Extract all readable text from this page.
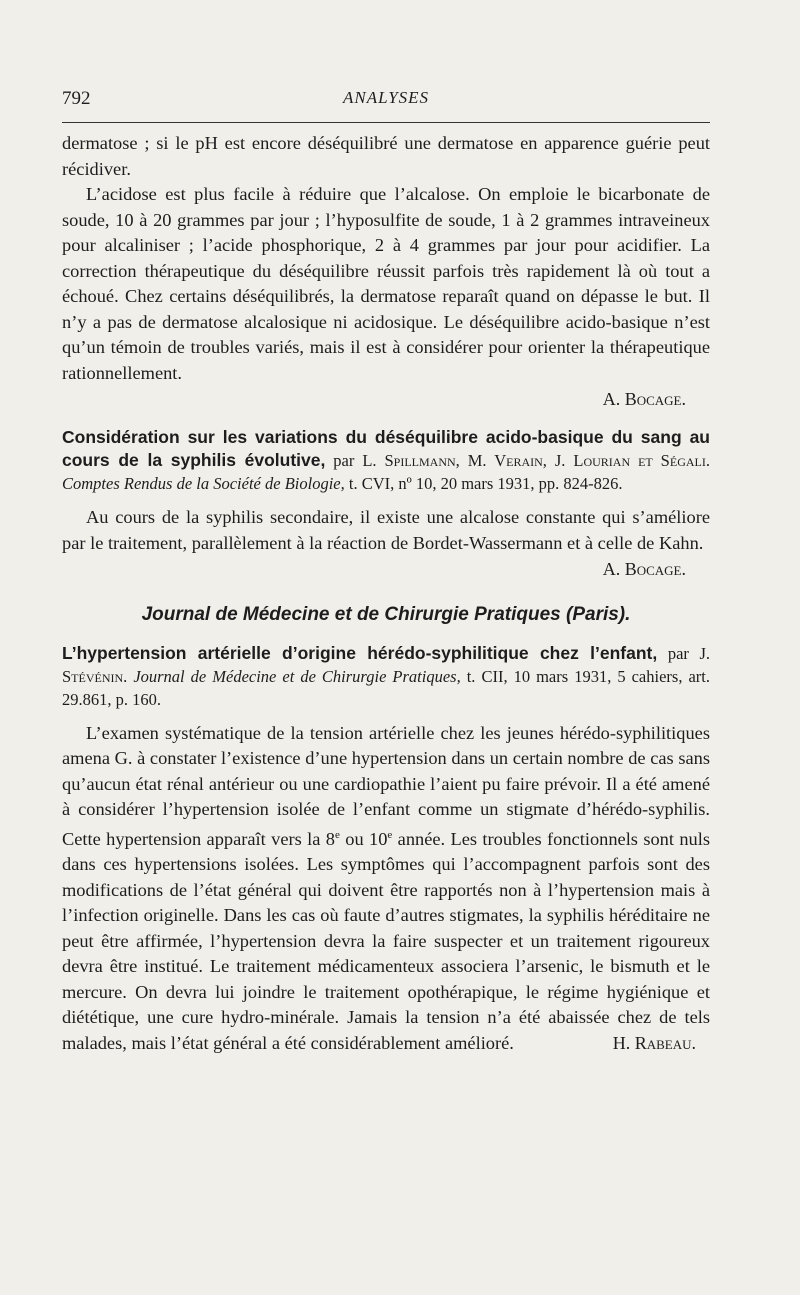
792	ANALYSES

dermatose ; si le pH est encore déséquilibré une dermatose en apparence guérie peut récidiver.

L’acidose est plus facile à réduire que l’alcalose. On emploie le bicarbonate de soude, 10 à 20 grammes par jour ; l’hyposulfite de soude, 1 à 2 grammes intraveineux pour alcaliniser ; l’acide phosphorique, 2 à 4 grammes par jour pour acidifier. La correction thérapeutique du déséquilibre réussit parfois très rapidement là où tout a échoué. Chez certains déséquilibrés, la dermatose reparaît quand on dépasse le but. Il n’y a pas de dermatose alcalosique ni acidosique. Le déséquilibre acido-basique n’est qu’un témoin de troubles variés, mais il est à considérer pour orienter la thérapeutique rationnellement.

A. Bocage.

Considération sur les variations du déséquilibre acido-basique du sang au cours de la syphilis évolutive, par L. Spillmann, M. Verain, J. Lourian et Ségali. Comptes Rendus de la Société de Biologie, t. CVI, nº 10, 20 mars 1931, pp. 824-826.

Au cours de la syphilis secondaire, il existe une alcalose constante qui s’améliore par le traitement, parallèlement à la réaction de Bordet-Wassermann et à celle de Kahn.

A. Bocage.

Journal de Médecine et de Chirurgie Pratiques (Paris).

L’hypertension artérielle d’origine hérédo-syphilitique chez l’enfant, par J. Stévénin. Journal de Médecine et de Chirurgie Pratiques, t. CII, 10 mars 1931, 5 cahiers, art. 29.861, p. 160.

L’examen systématique de la tension artérielle chez les jeunes hérédo-syphilitiques amena G. à constater l’existence d’une hypertension dans un certain nombre de cas sans qu’aucun état rénal antérieur ou une cardiopathie l’aient pu faire prévoir. Il a été amené à considérer l’hypertension isolée de l’enfant comme un stigmate d’hérédo-syphilis. Cette hypertension apparaît vers la 8e ou 10e année. Les troubles fonctionnels sont nuls dans ces hypertensions isolées. Les symptômes qui l’accompagnent parfois sont des modifications de l’état général qui doivent être rapportés non à l’hypertension mais à l’infection originelle. Dans les cas où faute d’autres stigmates, la syphilis héréditaire ne peut être affirmée, l’hypertension devra la faire suspecter et un traitement rigoureux devra être institué. Le traitement médicamenteux associera l’arsenic, le bismuth et le mercure. On devra lui joindre le traitement opothérapique, le régime hygiénique et diététique, une cure hydro-minérale. Jamais la tension n’a été abaissée chez de tels malades, mais l’état général a été considérablement amélioré.	H. Rabeau.
